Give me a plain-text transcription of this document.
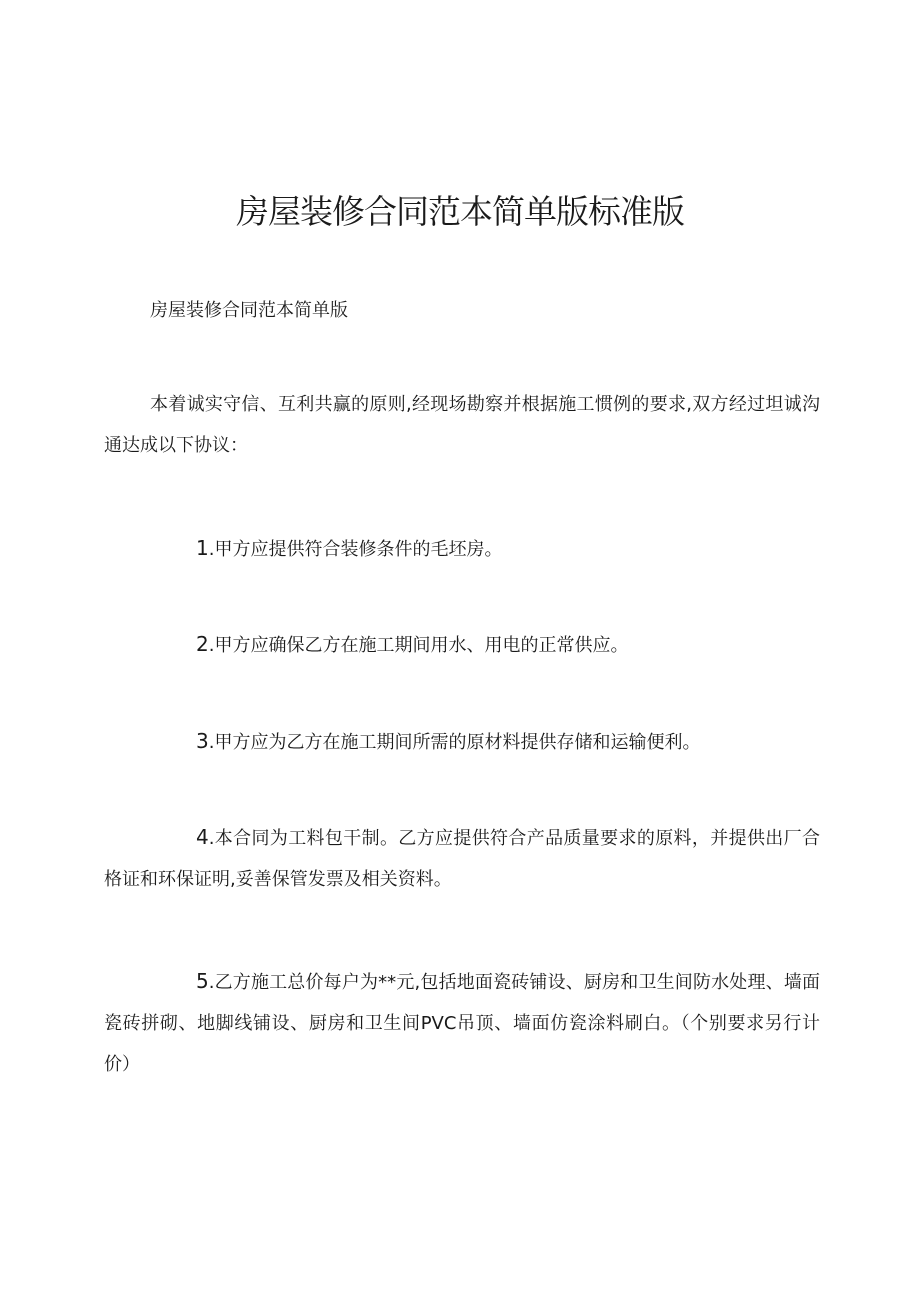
房屋装修合同范本简单版标准版

房屋装修合同范本简单版

本着诚实守信、互利共赢的原则,经现场勘察并根据施工惯例的要求,双方经过坦诚沟通达成以下协议：

1.甲方应提供符合装修条件的毛坯房。

2.甲方应确保乙方在施工期间用水、用电的正常供应。

3.甲方应为乙方在施工期间所需的原材料提供存储和运输便利。

4.本合同为工料包干制。乙方应提供符合产品质量要求的原料，并提供出厂合格证和环保证明,妥善保管发票及相关资料。

5.乙方施工总价每户为**元,包括地面瓷砖铺设、厨房和卫生间防水处理、墙面瓷砖拼砌、地脚线铺设、厨房和卫生间PVC吊顶、墙面仿瓷涂料刷白。（个别要求另行计价）
